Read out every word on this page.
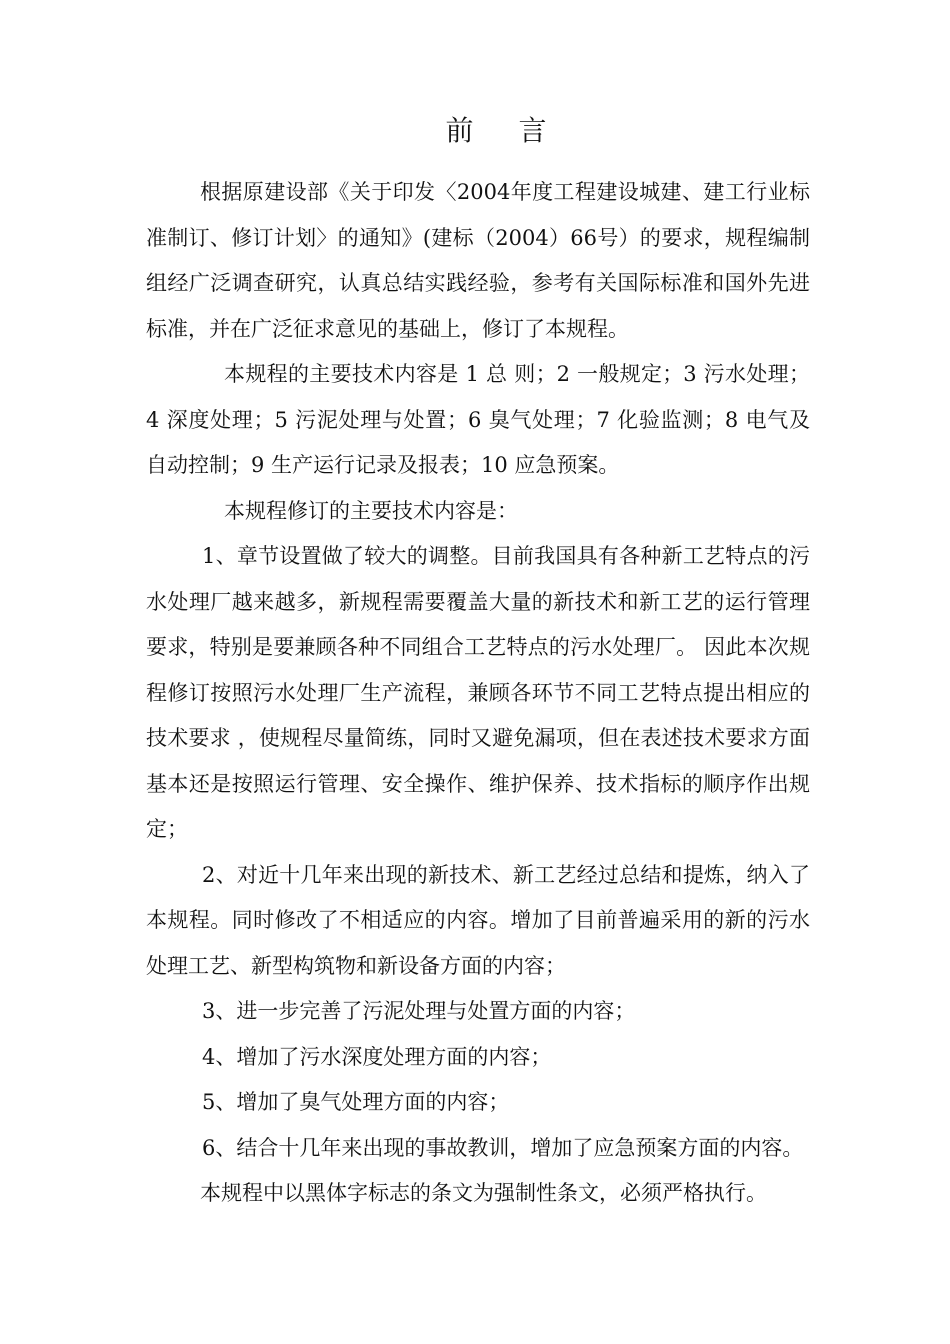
前 言

根据原建设部《关于印发〈2004年度工程建设城建、建工行业标准制订、修订计划〉的通知》(建标（2004）66号）的要求，规程编制组经广泛调查研究，认真总结实践经验，参考有关国际标准和国外先进标准，并在广泛征求意见的基础上，修订了本规程。

本规程的主要技术内容是 1 总 则；2 一般规定；3 污水处理；4 深度处理；5 污泥处理与处置；6 臭气处理；7 化验监测；8 电气及自动控制；9 生产运行记录及报表；10 应急预案。

本规程修订的主要技术内容是：

1、章节设置做了较大的调整。目前我国具有各种新工艺特点的污水处理厂越来越多，新规程需要覆盖大量的新技术和新工艺的运行管理要求，特别是要兼顾各种不同组合工艺特点的污水处理厂。 因此本次规程修订按照污水处理厂生产流程，兼顾各环节不同工艺特点提出相应的技术要求 ，使规程尽量简练，同时又避免漏项，但在表述技术要求方面基本还是按照运行管理、安全操作、维护保养、技术指标的顺序作出规定；

2、对近十几年来出现的新技术、新工艺经过总结和提炼，纳入了本规程。同时修改了不相适应的内容。增加了目前普遍采用的新的污水处理工艺、新型构筑物和新设备方面的内容；

3、进一步完善了污泥处理与处置方面的内容；

4、增加了污水深度处理方面的内容；

5、增加了臭气处理方面的内容；

6、结合十几年来出现的事故教训，增加了应急预案方面的内容。

本规程中以黑体字标志的条文为强制性条文，必须严格执行。
